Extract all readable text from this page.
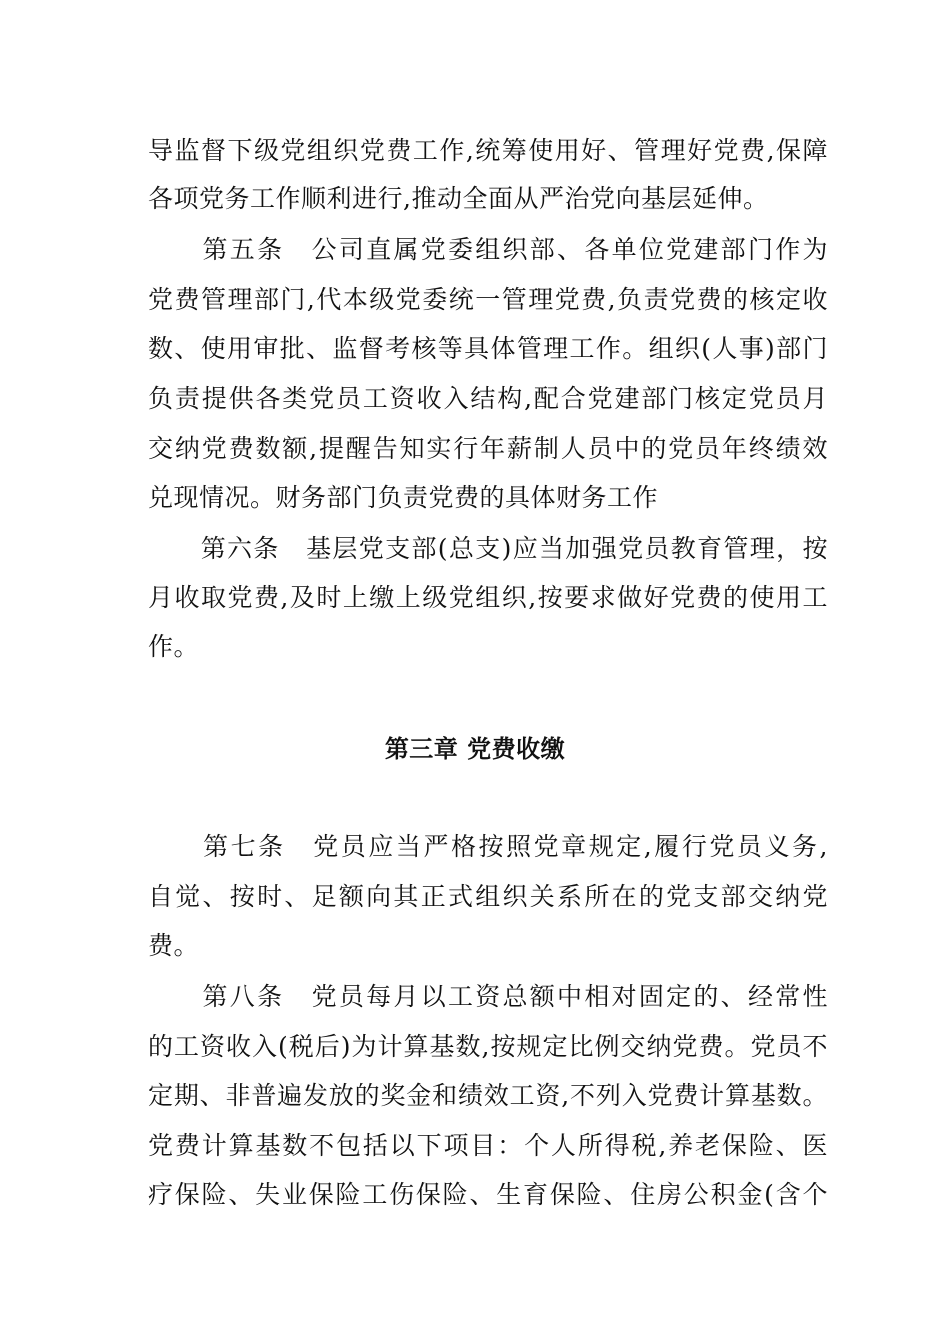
导监督下级党组织党费工作,统筹使用好、管理好党费,保障
各项党务工作顺利进行,推动全面从严治党向基层延伸。
　　第五条　公司直属党委组织部、各单位党建部门作为
党费管理部门,代本级党委统一管理党费,负责党费的核定收
数、使用审批、监督考核等具体管理工作。组织(人事)部门
负责提供各类党员工资收入结构,配合党建部门核定党员月
交纳党费数额,提醒告知实行年薪制人员中的党员年终绩效
兑现情况。财务部门负责党费的具体财务工作
　　第六条　基层党支部(总支)应当加强党员教育管理，按
月收取党费,及时上缴上级党组织,按要求做好党费的使用工
作。
第三章 党费收缴
　　第七条　党员应当严格按照党章规定,履行党员义务,
自觉、按时、足额向其正式组织关系所在的党支部交纳党
费。
　　第八条　党员每月以工资总额中相对固定的、经常性
的工资收入(税后)为计算基数,按规定比例交纳党费。党员不
定期、非普遍发放的奖金和绩效工资,不列入党费计算基数。
党费计算基数不包括以下项目：个人所得税,养老保险、医
疗保险、失业保险工伤保险、生育保险、住房公积金(含个
